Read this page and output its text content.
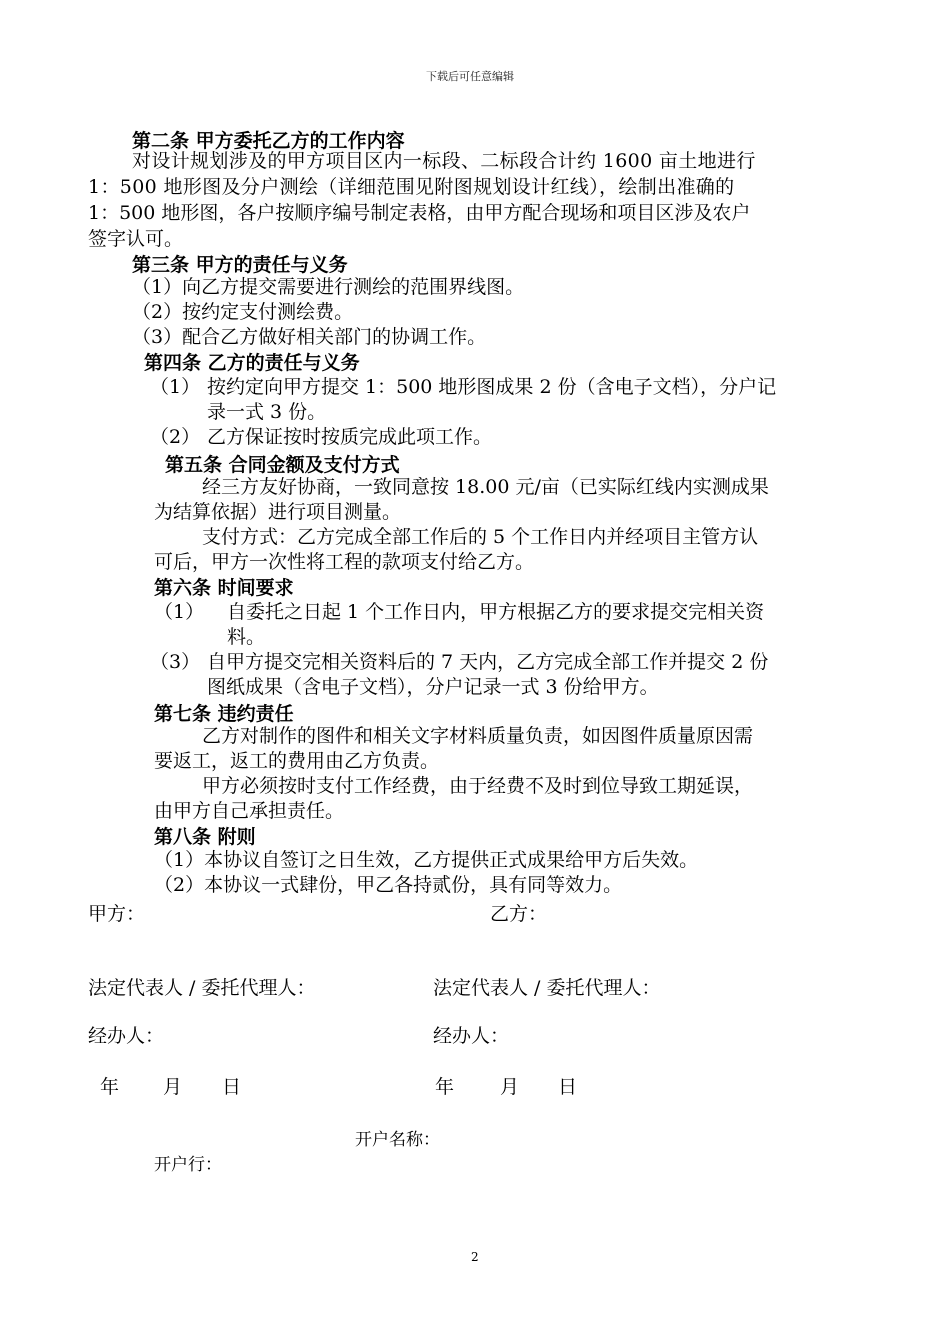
下载后可任意编辑
第二条 甲方委托乙方的工作内容
对设计规划涉及的甲方项目区内一标段、二标段合计约 1600 亩土地进行
1：500 地形图及分户测绘（详细范围见附图规划设计红线），绘制出准确的
1：500 地形图，各户按顺序编号制定表格，由甲方配合现场和项目区涉及农户
签字认可。
第三条 甲方的责任与义务
（1）向乙方提交需要进行测绘的范围界线图。
（2）按约定支付测绘费。
（3）配合乙方做好相关部门的协调工作。
第四条 乙方的责任与义务
（1） 按约定向甲方提交 1：500 地形图成果 2 份（含电子文档），分户记
录一式 3 份。
（2） 乙方保证按时按质完成此项工作。
第五条 合同金额及支付方式
经三方友好协商，一致同意按 18.00 元/亩（已实际红线内实测成果
为结算依据）进行项目测量。
支付方式：乙方完成全部工作后的 5 个工作日内并经项目主管方认
可后，甲方一次性将工程的款项支付给乙方。
第六条 时间要求
（1） 自委托之日起 1 个工作日内，甲方根据乙方的要求提交完相关资
料。
（3） 自甲方提交完相关资料后的 7 天内，乙方完成全部工作并提交 2 份
图纸成果（含电子文档），分户记录一式 3 份给甲方。
第七条 违约责任
乙方对制作的图件和相关文字材料质量负责，如因图件质量原因需
要返工，返工的费用由乙方负责。
甲方必须按时支付工作经费，由于经费不及时到位导致工期延误，
由甲方自己承担责任。
第八条 附则
（1）本协议自签订之日生效，乙方提供正式成果给甲方后失效。
（2）本协议一式肆份，甲乙各持贰份，具有同等效力。
甲方：	乙方：
法定代表人 / 委托代理人：	法定代表人 / 委托代理人：
经办人：	经办人：
年 月 日	年 月 日
开户名称：
开户行：
2
